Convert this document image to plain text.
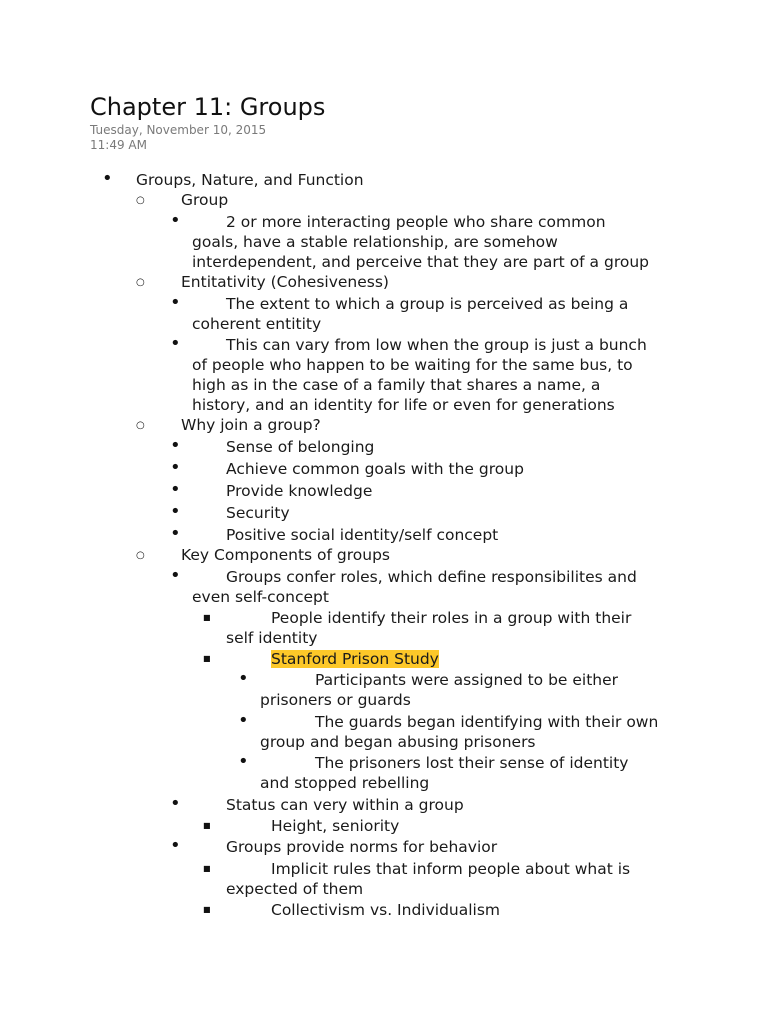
Chapter 11: Groups
Tuesday, November 10, 2015
11:49 AM
•
Groups, Nature, and Function
○
Group
•
2 or more interacting people who share common
goals, have a stable relationship, are somehow
interdependent, and perceive that they are part of a group
○
Entitativity (Cohesiveness)
•
The extent to which a group is perceived as being a
coherent entitity
•
This can vary from low when the group is just a bunch
of people who happen to be waiting for the same bus, to
high as in the case of a family that shares a name, a
history, and an identity for life or even for generations
○
Why join a group?
•
Sense of belonging
•
Achieve common goals with the group
•
Provide knowledge
•
Security
•
Positive social identity/self concept
○
Key Components of groups
•
Groups confer roles, which define responsibilites and
even self-concept
■
People identify their roles in a group with their
self identity
■
Stanford Prison Study
•
Participants were assigned to be either
prisoners or guards
•
The guards began identifying with their own
group and began abusing prisoners
•
The prisoners lost their sense of identity
and stopped rebelling
•
Status can very within a group
■
Height, seniority
•
Groups provide norms for behavior
■
Implicit rules that inform people about what is
expected of them
■
Collectivism vs. Individualism
